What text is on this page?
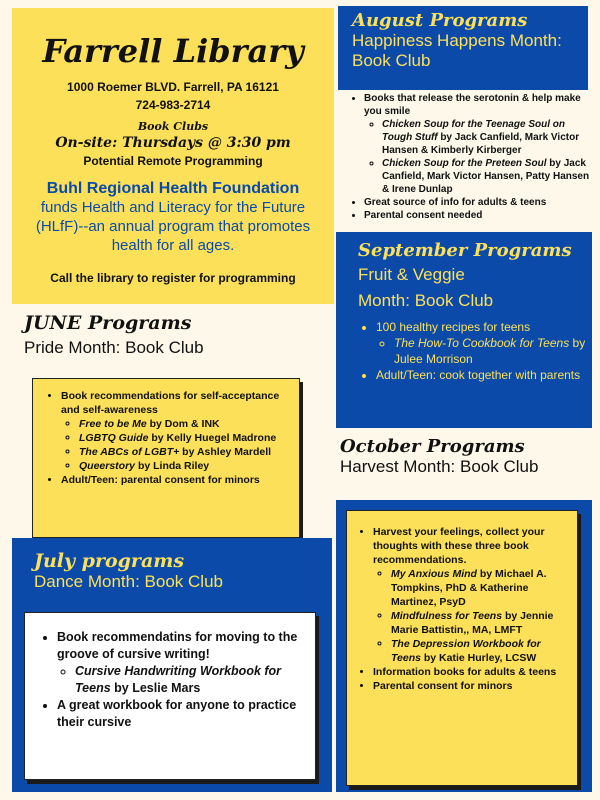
Farrell Library
1000 Roemer BLVD. Farrell, PA 16121
724-983-2714
Book Clubs
On-site: Thursdays @ 3:30 pm
Potential Remote Programming
Buhl Regional Health Foundation
funds Health and Literacy for the Future (HLfF)--an annual program that promotes health for all ages.
Call the library to register for programming
JUNE Programs
Pride Month: Book Club
• Book recommendations for self-acceptance and self-awareness
◦ Free to be Me by Dom & INK
◦ LGBTQ Guide by Kelly Huegel Madrone
◦ The ABCs of LGBT+ by Ashley Mardell
◦ Queerstory by Linda Riley
• Adult/Teen: parental consent for minors
July programs
Dance Month: Book Club
• Book recommendatins for moving to the groove of cursive writing!
◦ Cursive Handwriting Workbook for Teens by Leslie Mars
• A great workbook for anyone to practice their cursive
August Programs
Happiness Happens Month: Book Club
• Books that release the serotonin & help make you smile
◦ Chicken Soup for the Teenage Soul on Tough Stuff by Jack Canfield, Mark Victor Hansen & Kimberly Kirberger
◦ Chicken Soup for the Preteen Soul by Jack Canfield, Mark Victor Hansen, Patty Hansen & Irene Dunlap
• Great source of info for adults & teens
• Parental consent needed
September Programs
Fruit & Veggie
Month: Book Club
• 100 healthy recipes for teens
◦ The How-To Cookbook for Teens by Julee Morrison
• Adult/Teen: cook together with parents
October Programs
Harvest Month: Book Club
• Harvest your feelings, collect your thoughts with these three book recommendations.
◦ My Anxious Mind by Michael A. Tompkins, PhD & Katherine Martinez, PsyD
◦ Mindfulness for Teens by Jennie Marie Battistin,, MA, LMFT
◦ The Depression Workbook for Teens by Katie Hurley, LCSW
• Information books for adults & teens
• Parental consent for minors
